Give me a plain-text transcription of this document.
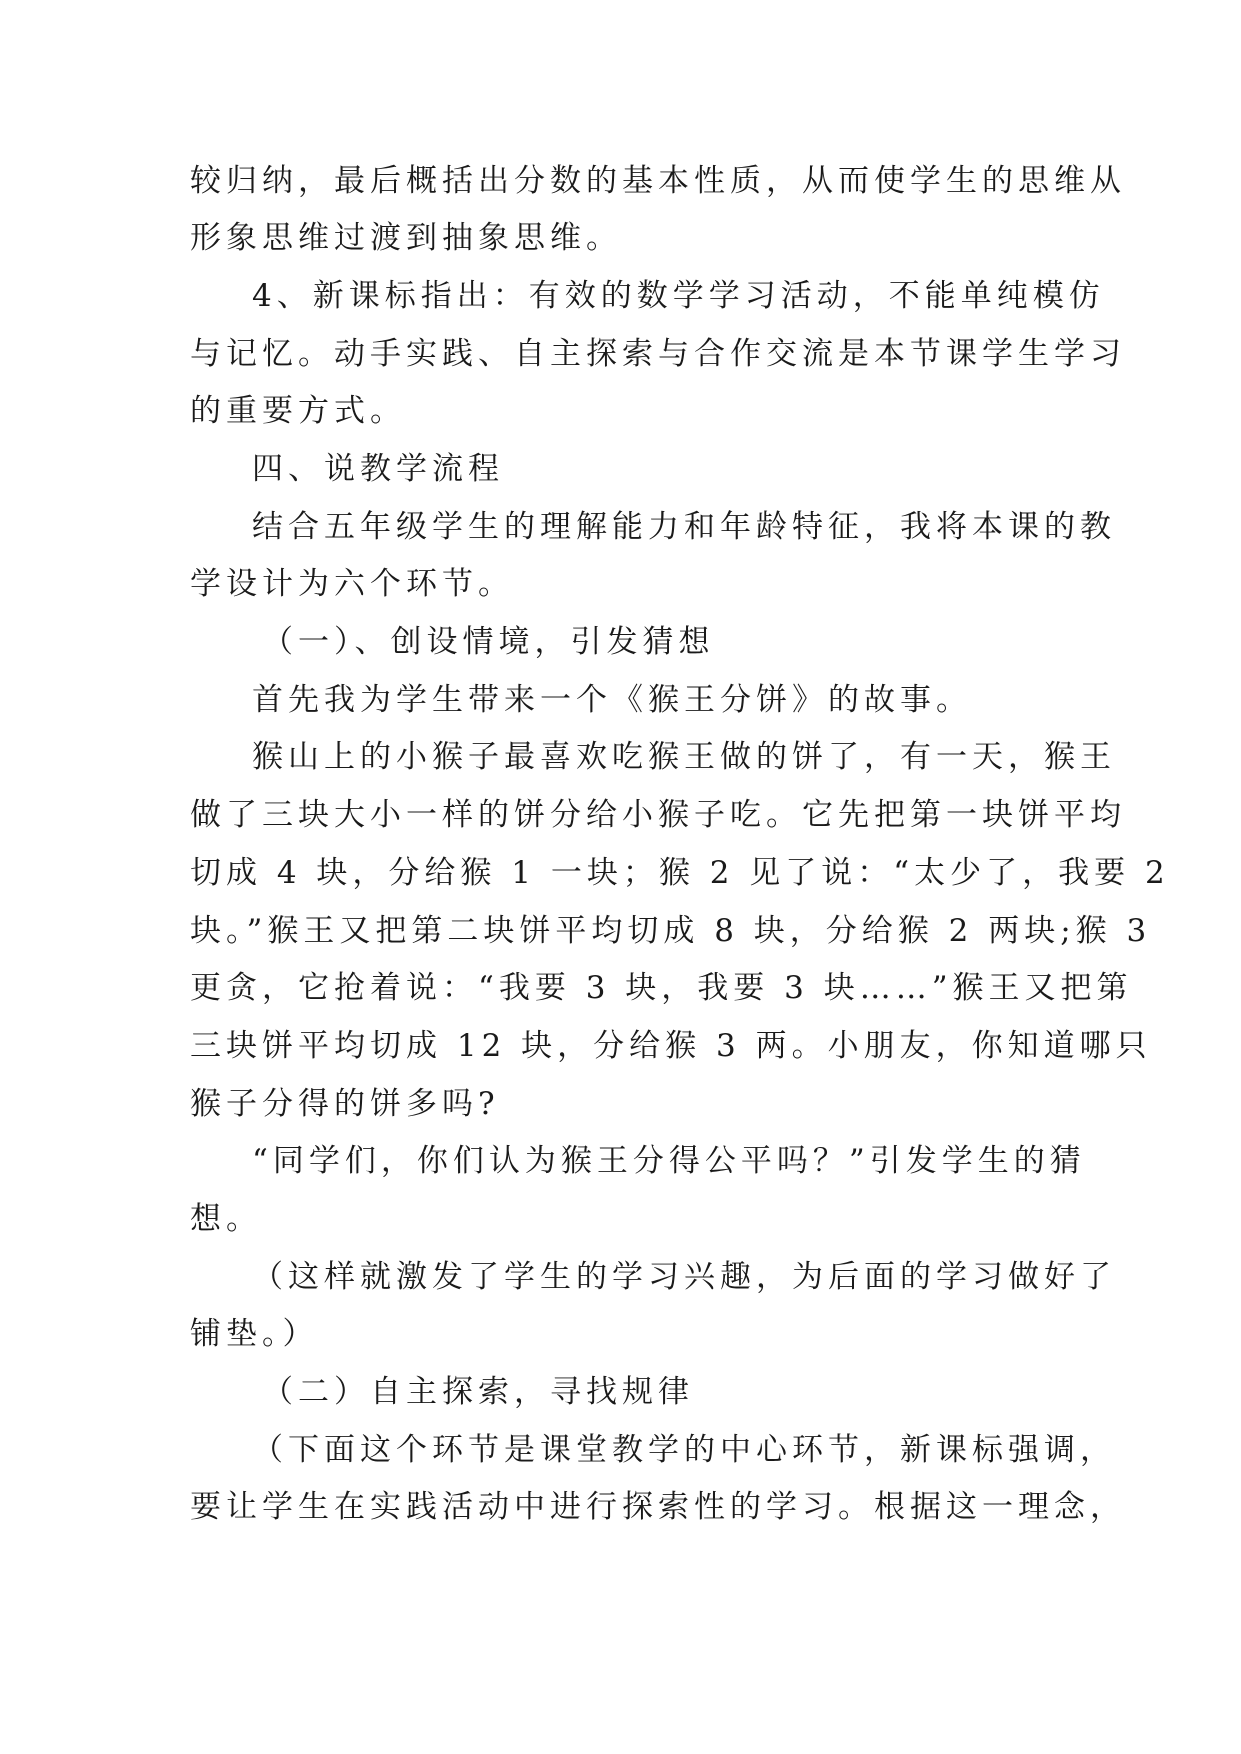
较归纳，最后概括出分数的基本性质，从而使学生的思维从
形象思维过渡到抽象思维。
4、新课标指出：有效的数学学习活动，不能单纯模仿
与记忆。动手实践、自主探索与合作交流是本节课学生学习
的重要方式。
四、说教学流程
结合五年级学生的理解能力和年龄特征，我将本课的教
学设计为六个环节。
（一）、创设情境，引发猜想
首先我为学生带来一个《猴王分饼》的故事。
猴山上的小猴子最喜欢吃猴王做的饼了，有一天，猴王
做了三块大小一样的饼分给小猴子吃。它先把第一块饼平均
切成 4 块，分给猴 1 一块；猴 2 见了说：“太少了，我要 2
块。”猴王又把第二块饼平均切成 8 块，分给猴 2 两块;猴 3
更贪，它抢着说：“我要 3 块，我要 3 块……”猴王又把第
三块饼平均切成 12 块，分给猴 3 两。小朋友，你知道哪只
猴子分得的饼多吗?
“同学们，你们认为猴王分得公平吗？”引发学生的猜
想。
（这样就激发了学生的学习兴趣，为后面的学习做好了
铺垫。）
（二）自主探索，寻找规律
（下面这个环节是课堂教学的中心环节，新课标强调，
要让学生在实践活动中进行探索性的学习。根据这一理念，
